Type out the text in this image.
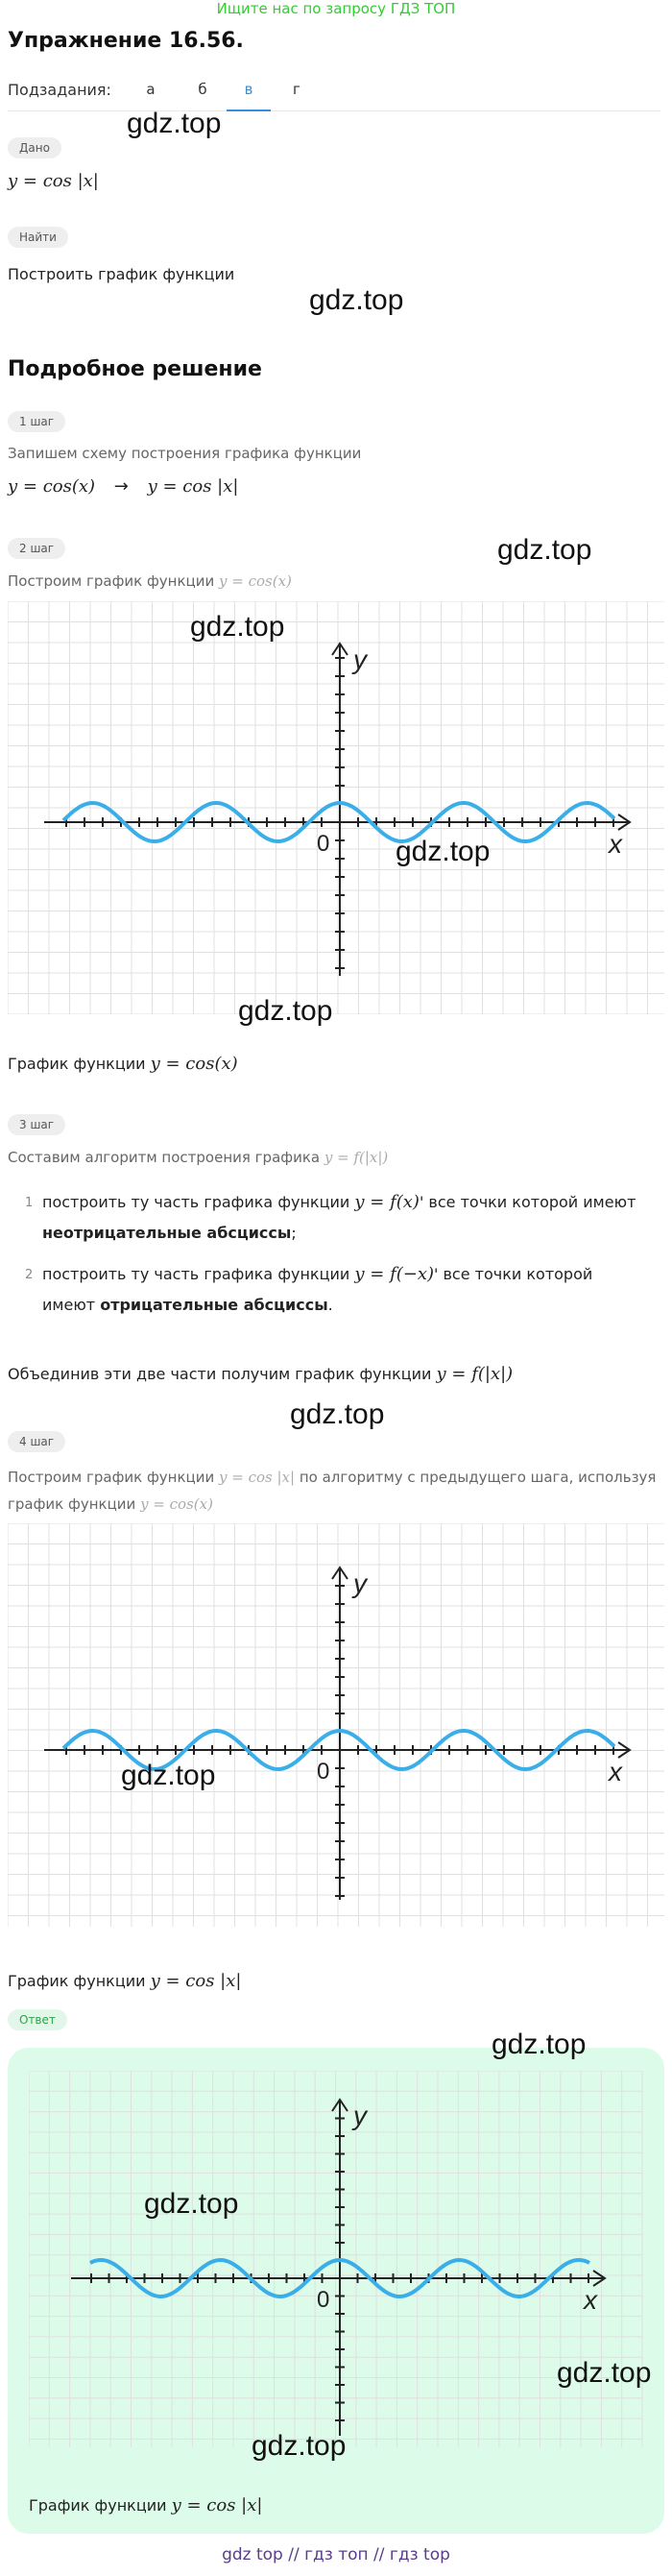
Ищите нас по запросу ГДЗ ТОП
Упражнение 16.56.
Подзадания:	а	б	в	г
gdz.top
Дано
y = cos |x|
Найти
Построить график функции
gdz.top
Подробное решение
1 шаг
Запишем схему построения графика функции
y = cos(x) → y = cos |x|
2 шаг	gdz.top
Построим график функции y = cos(x)
x
y
0
gdz.top
gdz.top
gdz.top
График функции y = cos(x)
3 шаг
Составим алгоритм построения графика y = f(|x|)
1 построить ту часть графика функции y = f(x)' все точки которой имеют
неотрицательные абсциссы;
2 построить ту часть графика функции y = f(−x)' все точки которой
имеют отрицательные абсциссы.
Объединив эти две части получим график функции y = f(|x|)
gdz.top
4 шаг
Построим график функции y = cos |x| по алгоритму с предыдущего шага, используя
график функции y = cos(x)
x
y
0
gdz.top
График функции y = cos |x|
Ответ
x
y
0
gdz.top
gdz.top
gdz.top
gdz.top
График функции y = cos |x|
gdz top // гдз топ // гдз top
